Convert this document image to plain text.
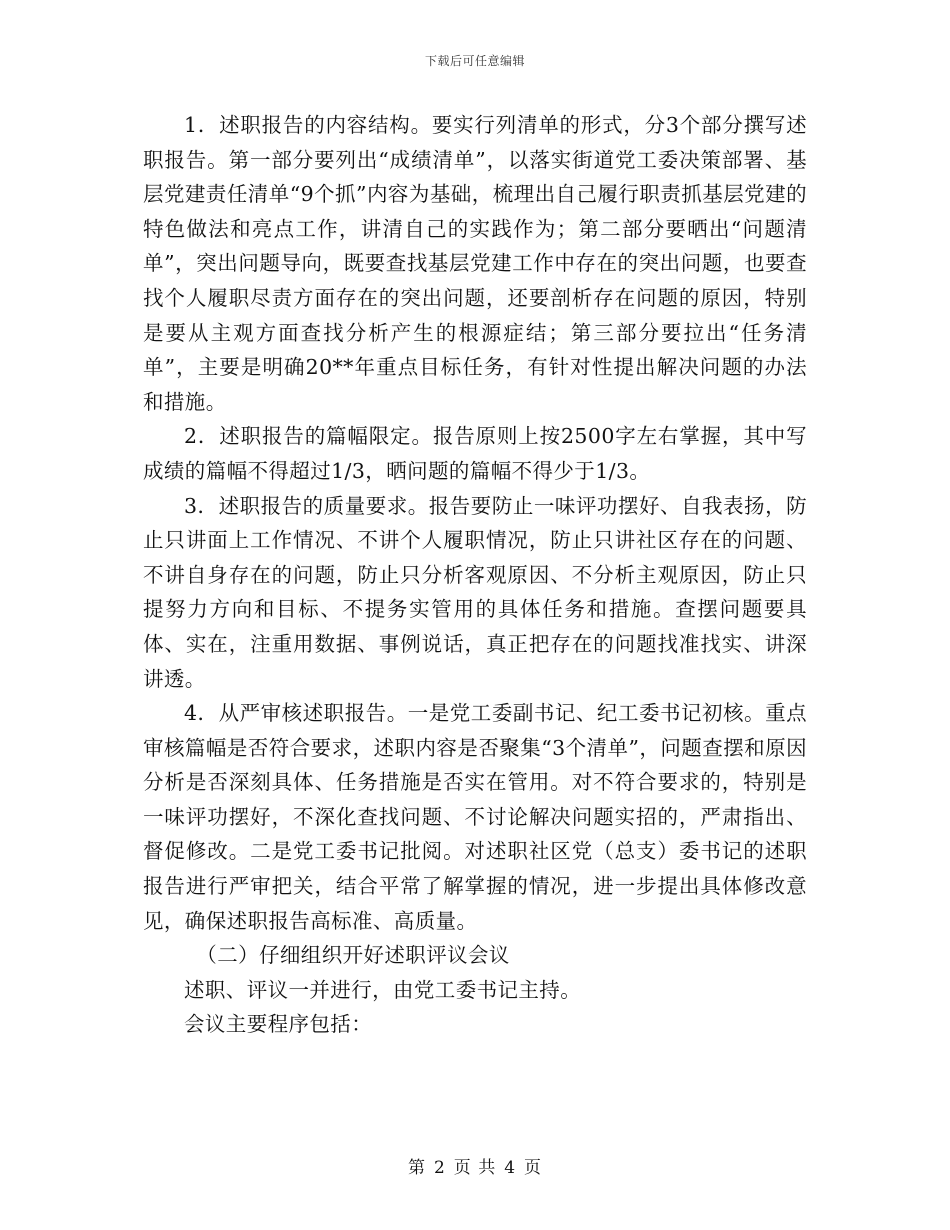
下载后可任意编辑

1．述职报告的内容结构。要实行列清单的形式，分3个部分撰写述职报告。第一部分要列出“成绩清单”，以落实街道党工委决策部署、基层党建责任清单“9个抓”内容为基础，梳理出自己履行职责抓基层党建的特色做法和亮点工作，讲清自己的实践作为；第二部分要晒出“问题清单”，突出问题导向，既要查找基层党建工作中存在的突出问题，也要查找个人履职尽责方面存在的突出问题，还要剖析存在问题的原因，特别是要从主观方面查找分析产生的根源症结；第三部分要拉出“任务清单”，主要是明确20**年重点目标任务，有针对性提出解决问题的办法和措施。

2．述职报告的篇幅限定。报告原则上按2500字左右掌握，其中写成绩的篇幅不得超过1/3，晒问题的篇幅不得少于1/3。

3．述职报告的质量要求。报告要防止一味评功摆好、自我表扬，防止只讲面上工作情况、不讲个人履职情况，防止只讲社区存在的问题、不讲自身存在的问题，防止只分析客观原因、不分析主观原因，防止只提努力方向和目标、不提务实管用的具体任务和措施。查摆问题要具体、实在，注重用数据、事例说话，真正把存在的问题找准找实、讲深讲透。

4．从严审核述职报告。一是党工委副书记、纪工委书记初核。重点审核篇幅是否符合要求，述职内容是否聚集“3个清单”，问题查摆和原因分析是否深刻具体、任务措施是否实在管用。对不符合要求的，特别是一味评功摆好，不深化查找问题、不讨论解决问题实招的，严肃指出、督促修改。二是党工委书记批阅。对述职社区党（总支）委书记的述职报告进行严审把关，结合平常了解掌握的情况，进一步提出具体修改意见，确保述职报告高标准、高质量。

（二）仔细组织开好述职评议会议

述职、评议一并进行，由党工委书记主持。

会议主要程序包括：

第 2 页 共 4 页
